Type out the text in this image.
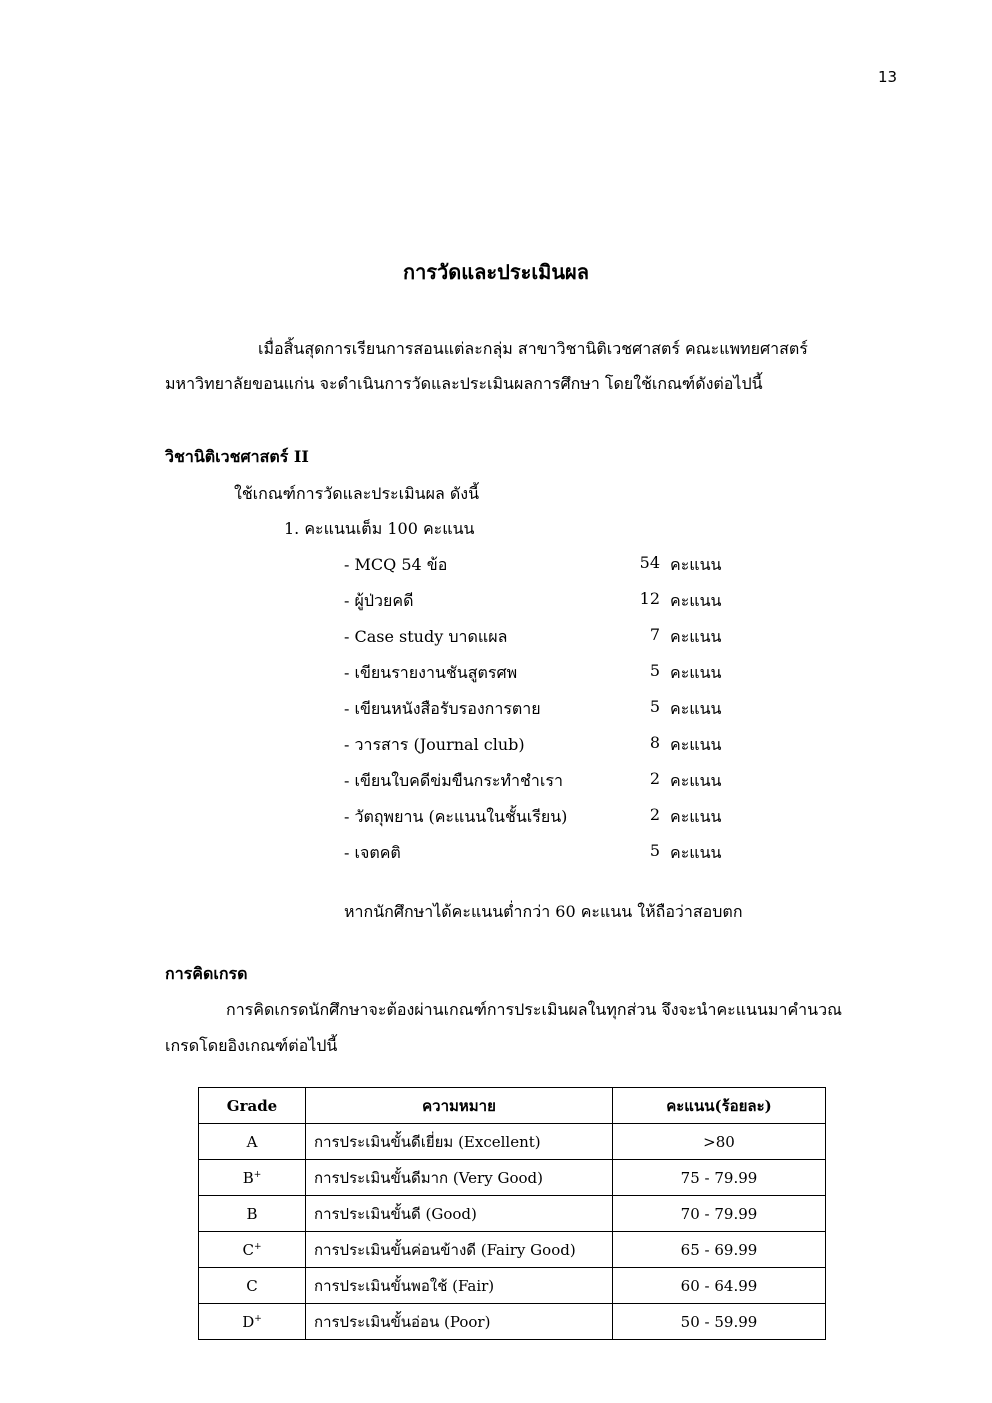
13
การวัดและประเมินผล
เมื่อสิ้นสุดการเรียนการสอนแต่ละกลุ่ม สาขาวิชานิติเวชศาสตร์ คณะแพทยศาสตร์
มหาวิทยาลัยขอนแก่น จะดำเนินการวัดและประเมินผลการศึกษา โดยใช้เกณฑ์ดังต่อไปนี้
วิชานิติเวชศาสตร์ II
ใช้เกณฑ์การวัดและประเมินผล ดังนี้
1. คะแนนเต็ม 100 คะแนน
- MCQ 54 ข้อ	54 คะแนน
- ผู้ป่วยคดี	12 คะแนน
- Case study บาดแผล	7 คะแนน
- เขียนรายงานชันสูตรศพ	5 คะแนน
- เขียนหนังสือรับรองการตาย	5 คะแนน
- วารสาร (Journal club)	8 คะแนน
- เขียนใบคดีข่มขืนกระทำชำเรา	2 คะแนน
- วัตถุพยาน (คะแนนในชั้นเรียน)	2 คะแนน
- เจตคติ	5 คะแนน
หากนักศึกษาได้คะแนนต่ำกว่า 60 คะแนน ให้ถือว่าสอบตก
การคิดเกรด
การคิดเกรดนักศึกษาจะต้องผ่านเกณฑ์การประเมินผลในทุกส่วน จึงจะนำคะแนนมาคำนวณ
เกรดโดยอิงเกณฑ์ต่อไปนี้
Grade	ความหมาย	คะแนน(ร้อยละ)
A	การประเมินขั้นดีเยี่ยม (Excellent)	>80
B+	การประเมินขั้นดีมาก (Very Good)	75 - 79.99
B	การประเมินขั้นดี (Good)	70 - 79.99
C+	การประเมินขั้นค่อนข้างดี (Fairy Good)	65 - 69.99
C	การประเมินขั้นพอใช้ (Fair)	60 - 64.99
D+	การประเมินขั้นอ่อน (Poor)	50 - 59.99
